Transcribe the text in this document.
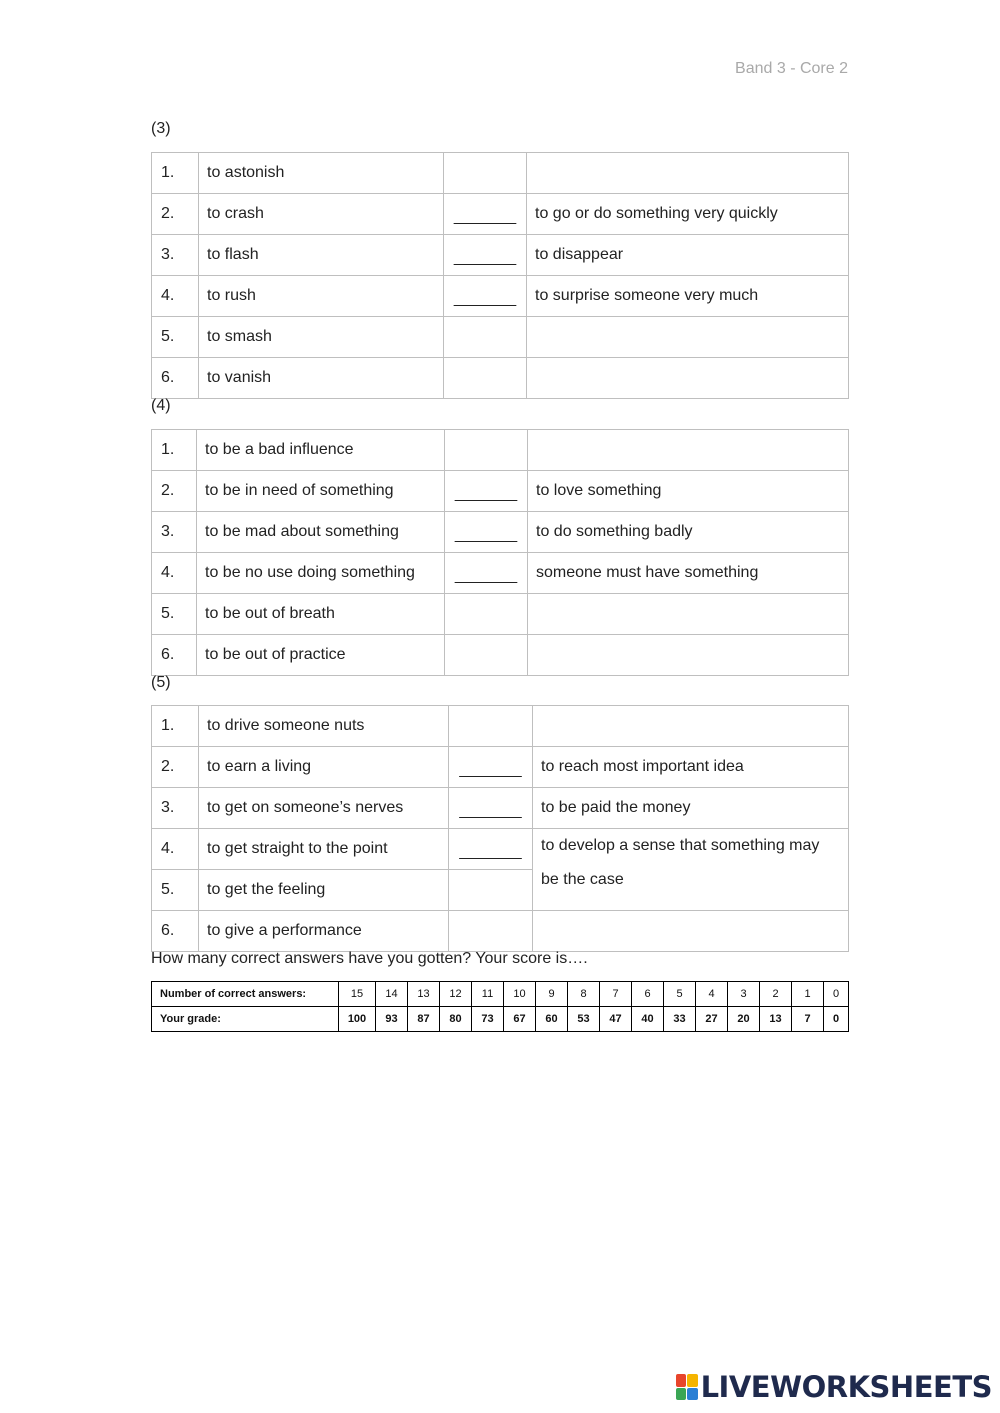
Band 3 - Core 2
(3)
1.	to astonish		
2.	to crash	_______	to go or do something very quickly
3.	to flash	_______	to disappear
4.	to rush	_______	to surprise someone very much
5.	to smash		
6.	to vanish		
(4)
1.	to be a bad influence		
2.	to be in need of something	_______	to love something
3.	to be mad about something	_______	to do something badly
4.	to be no use doing something	_______	someone must have something
5.	to be out of breath		
6.	to be out of practice		
(5)
1.	to drive someone nuts		
2.	to earn a living	_______	to reach most important idea
3.	to get on someone’s nerves	_______	to be paid the money
4.	to get straight to the point	_______	to develop a sense that something may be the case
5.	to get the feeling		
6.	to give a performance		
How many correct answers have you gotten? Your score is….
Number of correct answers:	15	14	13	12	11	10	9	8	7	6	5	4	3	2	1	0
Your grade:	100	93	87	80	73	67	60	53	47	40	33	27	20	13	7	0
LIVEWORKSHEETS
